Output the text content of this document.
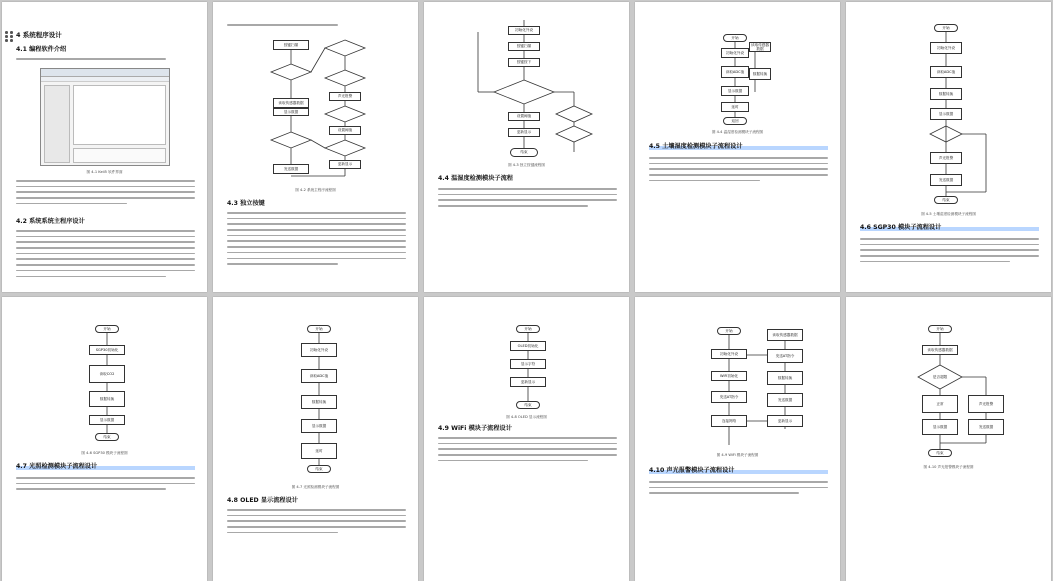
4 系统程序设计
4.1 编程软件介绍
图 4-1 Keil5 软件界面
4.2 系统系统主程序设计
按键扫描
读取传感器数据
显示数据
发送数据
声光报警
设置阈值
更新显示
图 4-2 系统主程序流程图
4.3 独立按键
初始化外设
按键扫描
按键按下
设置阈值
更新显示
结束
图 4-3 独立按键流程图
4.4 温湿度检测模块子流程
开始
初始化外设
读取传感器数据
读取ADC值	数据转换
显示数据
延时
返回
图 4-4 温湿度检测模块子流程图
4.5 土壤湿度检测模块子流程设计
开始
初始化外设
读取ADC值
数据转换
显示数据
声光报警
发送数据
结束
图 4-5 土壤湿度检测模块子流程图
4.6 SGP30 模块子流程设计
开始
SGP30初始化
读取CO2
数据转换
显示数据
结束
图 4-6 SGP30 模块子流程图
4.7 光照检测模块子流程设计
开始
初始化外设
读取ADC值
数据转换
显示数据
延时
结束
图 4-7 光照检测模块子流程图
4.8 OLED 显示流程设计
开始
OLED初始化
显示字符
更新显示
结束
图 4-8 OLED 显示流程图
4.9 WiFi 模块子流程设计
开始
初始化外设
WiFi初始化
发送AT指令
连接网络
读取传感器数据
发送AT指令
数据转换
发送数据
更新显示
图 4-9 WiFi 模块子流程图
4.10 声光报警模块子流程设计
开始
读取传感器数据
是否超限
正常	声光报警
显示数据	发送数据
结束
图 4-10 声光报警模块子流程图
